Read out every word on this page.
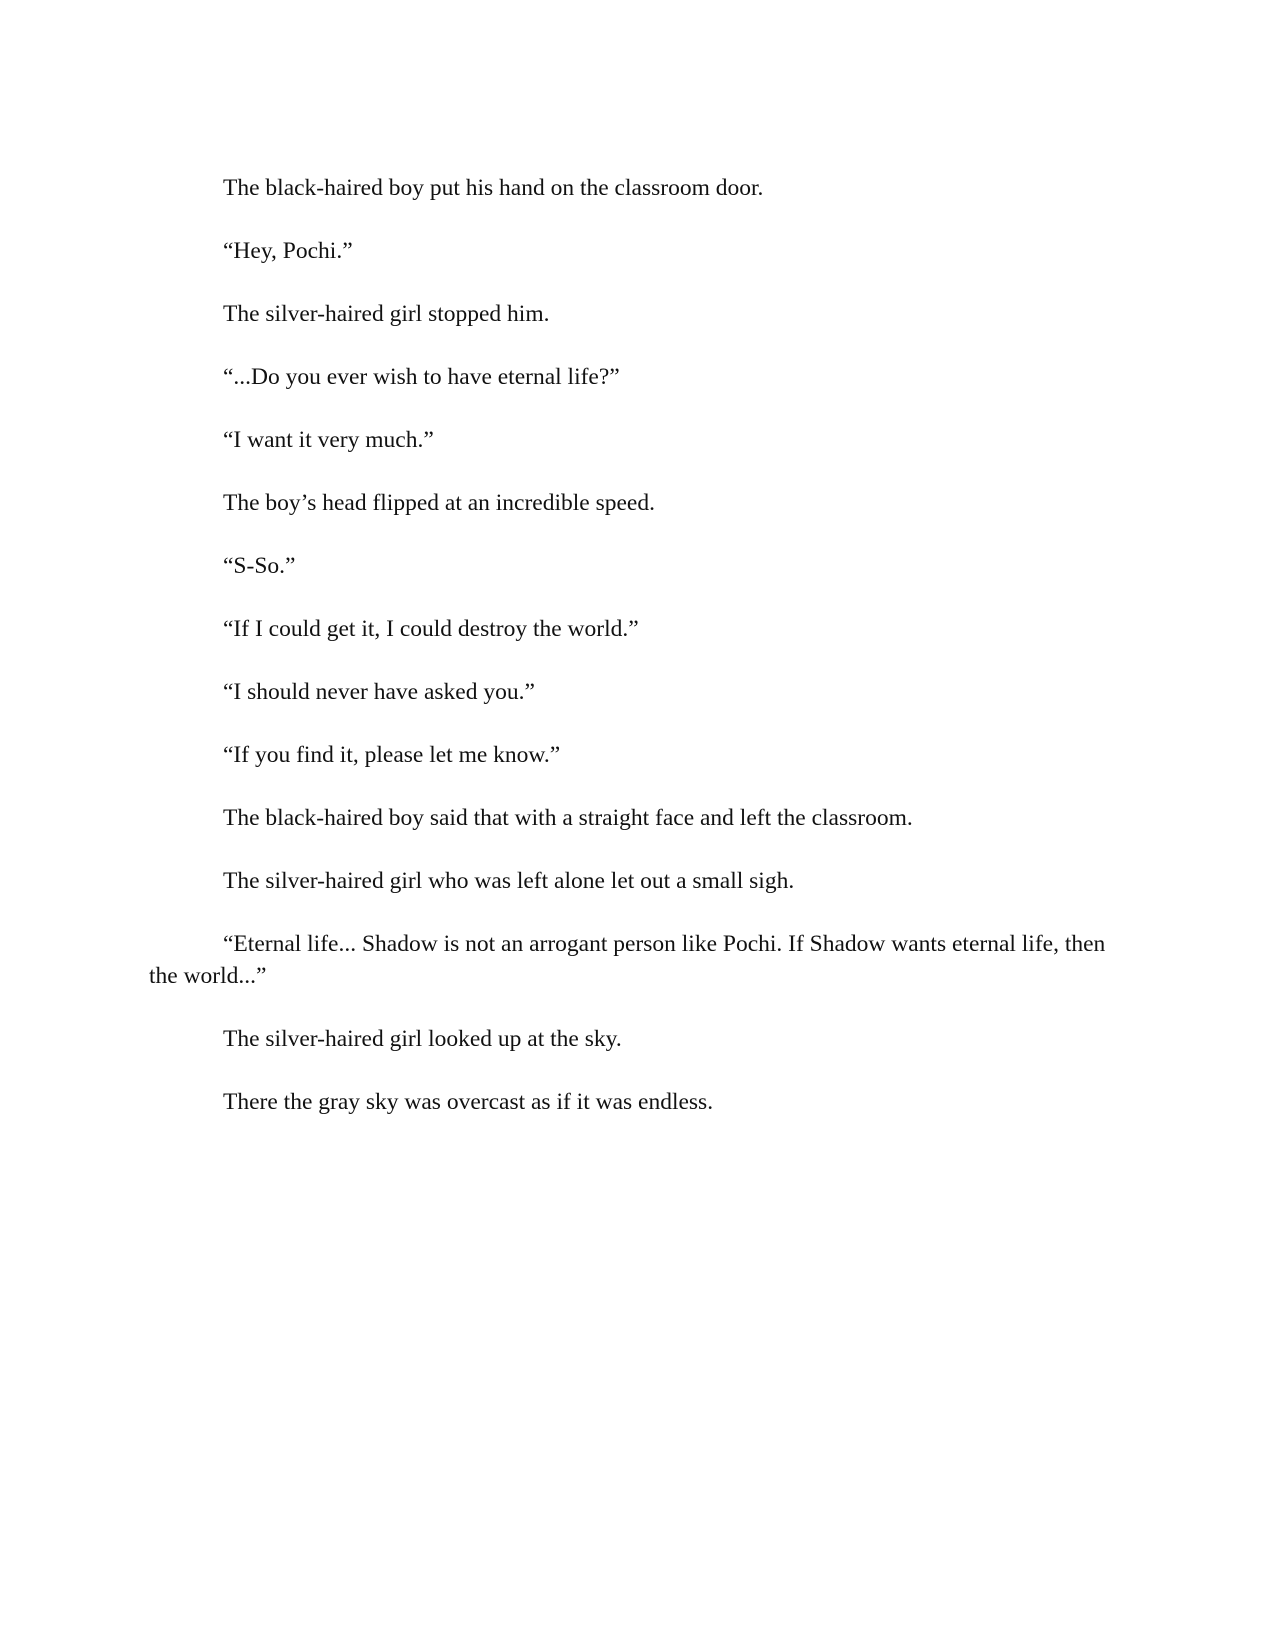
The black-haired boy put his hand on the classroom door.

“Hey, Pochi.”

The silver-haired girl stopped him.

“...Do you ever wish to have eternal life?”

“I want it very much.”

The boy’s head flipped at an incredible speed.

“S-So.”

“If I could get it, I could destroy the world.”

“I should never have asked you.”

“If you find it, please let me know.”

The black-haired boy said that with a straight face and left the classroom.

The silver-haired girl who was left alone let out a small sigh.

“Eternal life... Shadow is not an arrogant person like Pochi. If Shadow wants eternal life, then the world...”

The silver-haired girl looked up at the sky.

There the gray sky was overcast as if it was endless.
